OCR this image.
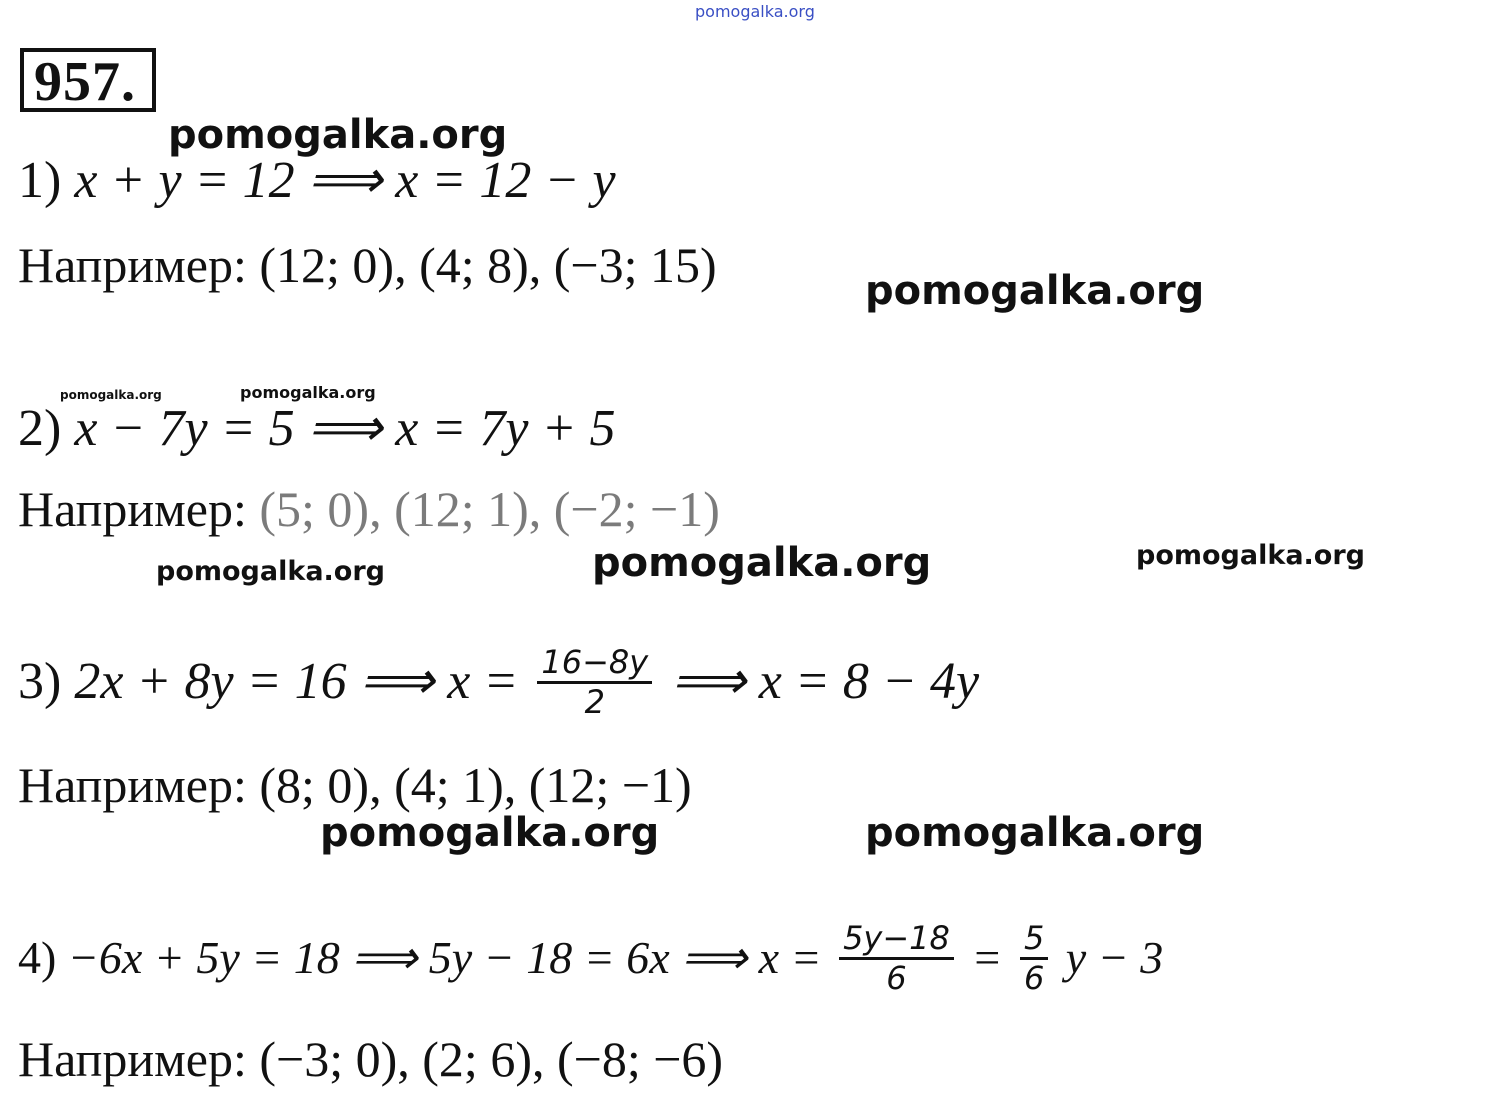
pomogalka.org
pomogalka.org
pomogalka.org
pomogalka.org	pomogalka.org
pomogalka.org	pomogalka.org	pomogalka.org
pomogalka.org	pomogalka.org
957.
1) x + y = 12 ⟹ x = 12 − y
Например: (12; 0), (4; 8), (−3; 15)
2) x − 7y = 5 ⟹ x = 7y + 5
Например: (5; 0), (12; 1), (−2; −1)
3) 2x + 8y = 16 ⟹ $x = \frac{16-8y}{2}$ ⟹ x = 8 − 4y
Например: (8; 0), (4; 1), (12; −1)
4) −6x + 5y = 18 ⟹ 5y − 18 = 6x ⟹ $x = \frac{5y-18}{6} = \frac{5}{6}$ y − 3
Например: (−3; 0), (2; 6), (−8; −6)
